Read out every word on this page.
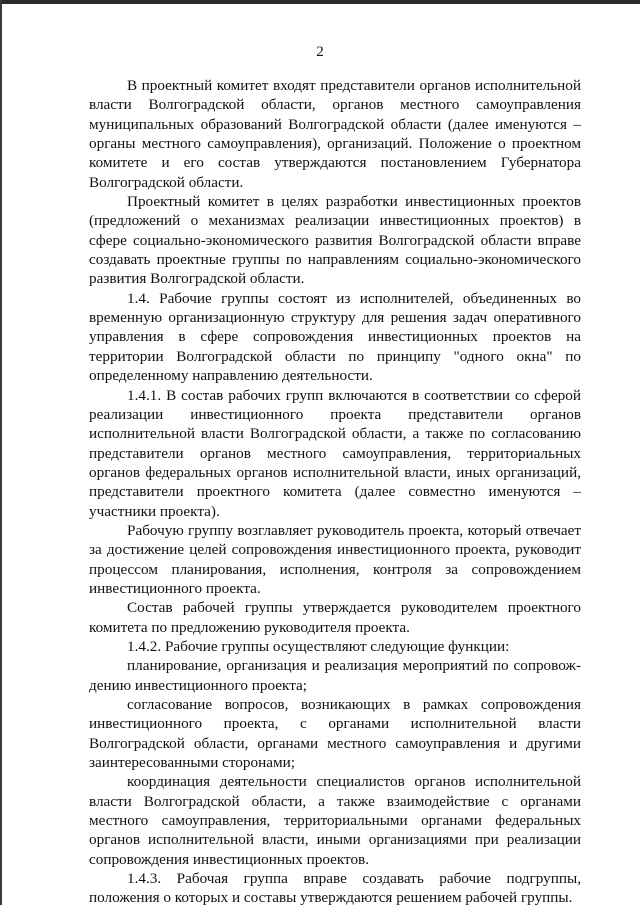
2

В проектный комитет входят представители органов исполнительной власти Волгоградской области, органов местного самоуправления муниципальных образований Волгоградской области (далее именуются – органы местного самоуправления), организаций. Положение о проектном комитете и его состав утверждаются постановлением Губернатора Волгоградской области.

Проектный комитет в целях разработки инвестиционных проектов (предложений о механизмах реализации инвестиционных проектов) в сфере социально-экономического развития Волгоградской области вправе создавать проектные группы по направлениям социально-экономического развития Волгоградской области.

1.4. Рабочие группы состоят из исполнителей, объединенных во временную организационную структуру для решения задач оперативного управления в сфере сопровождения инвестиционных проектов на территории Волгоградской области по принципу "одного окна" по определенному направлению деятельности.

1.4.1. В состав рабочих групп включаются в соответствии со сферой реализации инвестиционного проекта представители органов исполнительной власти Волгоградской области, а также по согласованию представители органов местного самоуправления, территориальных органов федеральных органов исполнительной власти, иных организаций, представители проектного комитета (далее совместно именуются – участники проекта).

Рабочую группу возглавляет руководитель проекта, который отвечает за достижение целей сопровождения инвестиционного проекта, руководит процессом планирования, исполнения, контроля за сопровождением инвестиционного проекта.

Состав рабочей группы утверждается руководителем проектного комитета по предложению руководителя проекта.

1.4.2. Рабочие группы осуществляют следующие функции:

планирование, организация и реализация мероприятий по сопровождению инвестиционного проекта;

согласование вопросов, возникающих в рамках сопровождения инвестиционного проекта, с органами исполнительной власти Волгоградской области, органами местного самоуправления и другими заинтересованными сторонами;

координация деятельности специалистов органов исполнительной власти Волгоградской области, а также взаимодействие с органами местного самоуправления, территориальными органами федеральных органов исполнительной власти, иными организациями при реализации сопровождения инвестиционных проектов.

1.4.3. Рабочая группа вправе создавать рабочие подгруппы, положения о которых и составы утверждаются решением рабочей группы.
